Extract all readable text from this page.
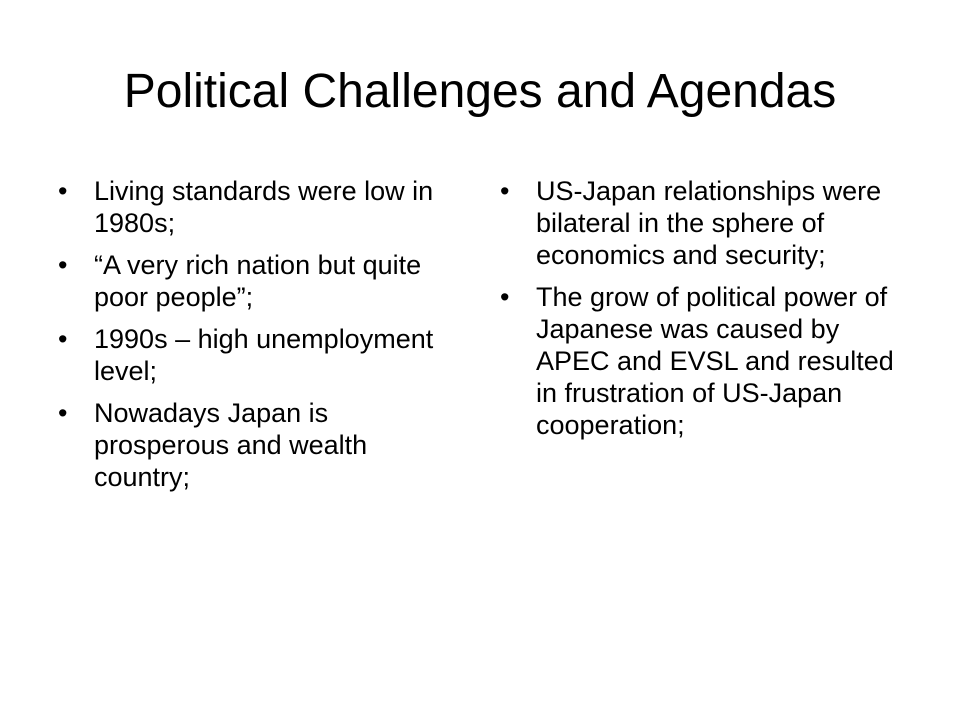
Political Challenges and Agendas
• Living standards were low in 1980s;
• “A very rich nation but quite poor people”;
• 1990s – high unemployment level;
• Nowadays Japan is prosperous and wealth country;
• US-Japan relationships were bilateral in the sphere of economics and security;
• The grow of political power of Japanese was caused by APEC and EVSL and resulted in frustration of US-Japan cooperation;
